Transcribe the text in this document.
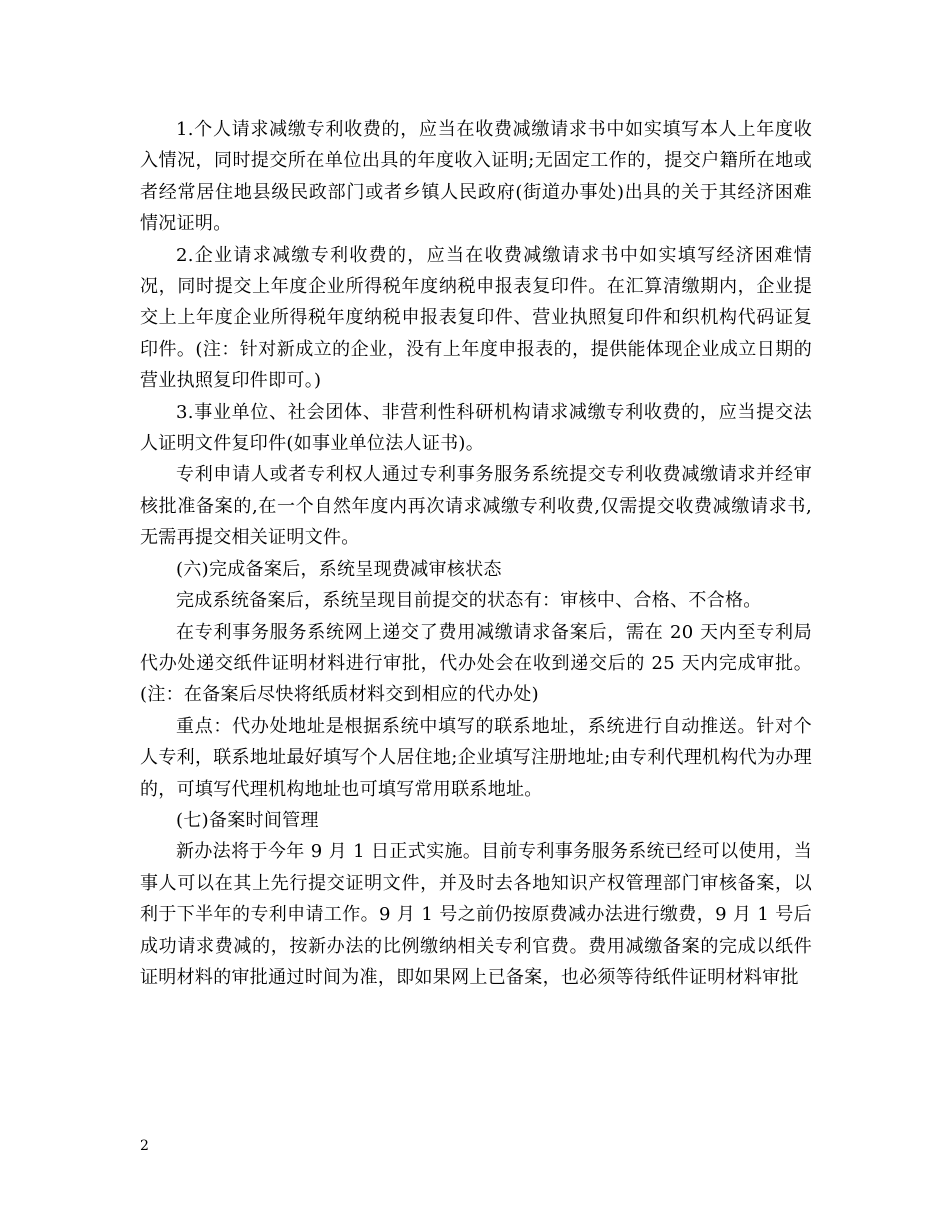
1.个人请求减缴专利收费的，应当在收费减缴请求书中如实填写本人上年度收入情况，同时提交所在单位出具的年度收入证明;无固定工作的，提交户籍所在地或者经常居住地县级民政部门或者乡镇人民政府(街道办事处)出具的关于其经济困难情况证明。

2.企业请求减缴专利收费的，应当在收费减缴请求书中如实填写经济困难情况，同时提交上年度企业所得税年度纳税申报表复印件。在汇算清缴期内，企业提交上上年度企业所得税年度纳税申报表复印件、营业执照复印件和织机构代码证复印件。(注：针对新成立的企业，没有上年度申报表的，提供能体现企业成立日期的营业执照复印件即可。)

3.事业单位、社会团体、非营利性科研机构请求减缴专利收费的，应当提交法人证明文件复印件(如事业单位法人证书)。

专利申请人或者专利权人通过专利事务服务系统提交专利收费减缴请求并经审核批准备案的,在一个自然年度内再次请求减缴专利收费,仅需提交收费减缴请求书,无需再提交相关证明文件。

(六)完成备案后，系统呈现费减审核状态

完成系统备案后，系统呈现目前提交的状态有：审核中、合格、不合格。

在专利事务服务系统网上递交了费用减缴请求备案后，需在 20 天内至专利局代办处递交纸件证明材料进行审批，代办处会在收到递交后的 25 天内完成审批。(注：在备案后尽快将纸质材料交到相应的代办处)

重点：代办处地址是根据系统中填写的联系地址，系统进行自动推送。针对个人专利，联系地址最好填写个人居住地;企业填写注册地址;由专利代理机构代为办理的，可填写代理机构地址也可填写常用联系地址。

(七)备案时间管理

新办法将于今年 9 月 1 日正式实施。目前专利事务服务系统已经可以使用，当事人可以在其上先行提交证明文件，并及时去各地知识产权管理部门审核备案，以利于下半年的专利申请工作。9 月 1 号之前仍按原费减办法进行缴费，9 月 1 号后成功请求费减的，按新办法的比例缴纳相关专利官费。费用减缴备案的完成以纸件证明材料的审批通过时间为准，即如果网上已备案，也必须等待纸件证明材料审批

2
